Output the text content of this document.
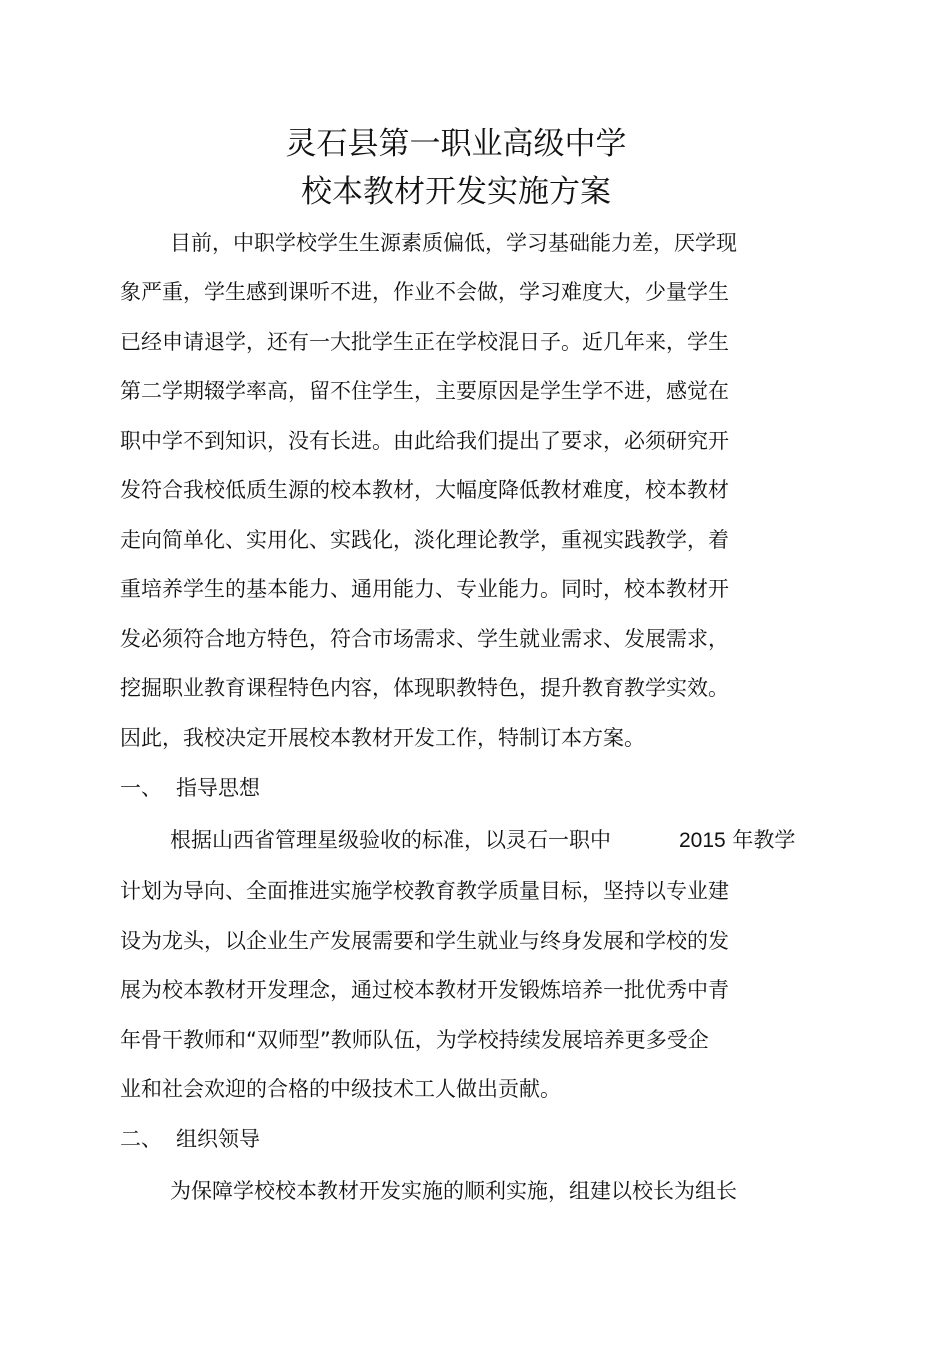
灵石县第一职业高级中学
校本教材开发实施方案

目前，中职学校学生生源素质偏低，学习基础能力差，厌学现

象严重，学生感到课听不进，作业不会做，学习难度大，少量学生

已经申请退学，还有一大批学生正在学校混日子。近几年来，学生

第二学期辍学率高，留不住学生，主要原因是学生学不进，感觉在

职中学不到知识，没有长进。由此给我们提出了要求，必须研究开

发符合我校低质生源的校本教材，大幅度降低教材难度，校本教材

走向简单化、实用化、实践化，淡化理论教学，重视实践教学，着

重培养学生的基本能力、通用能力、专业能力。同时，校本教材开

发必须符合地方特色，符合市场需求、学生就业需求、发展需求，

挖掘职业教育课程特色内容，体现职教特色，提升教育教学实效。

因此，我校决定开展校本教材开发工作，特制订本方案。

一、 指导思想

根据山西省管理星级验收的标准，以灵石一职中	2015 年教学

计划为导向、全面推进实施学校教育教学质量目标，坚持以专业建

设为龙头，以企业生产发展需要和学生就业与终身发展和学校的发

展为校本教材开发理念，通过校本教材开发锻炼培养一批优秀中青

年骨干教师和“双师型”教师队伍，为学校持续发展培养更多受企

业和社会欢迎的合格的中级技术工人做出贡献。

二、 组织领导

为保障学校校本教材开发实施的顺利实施，组建以校长为组长
